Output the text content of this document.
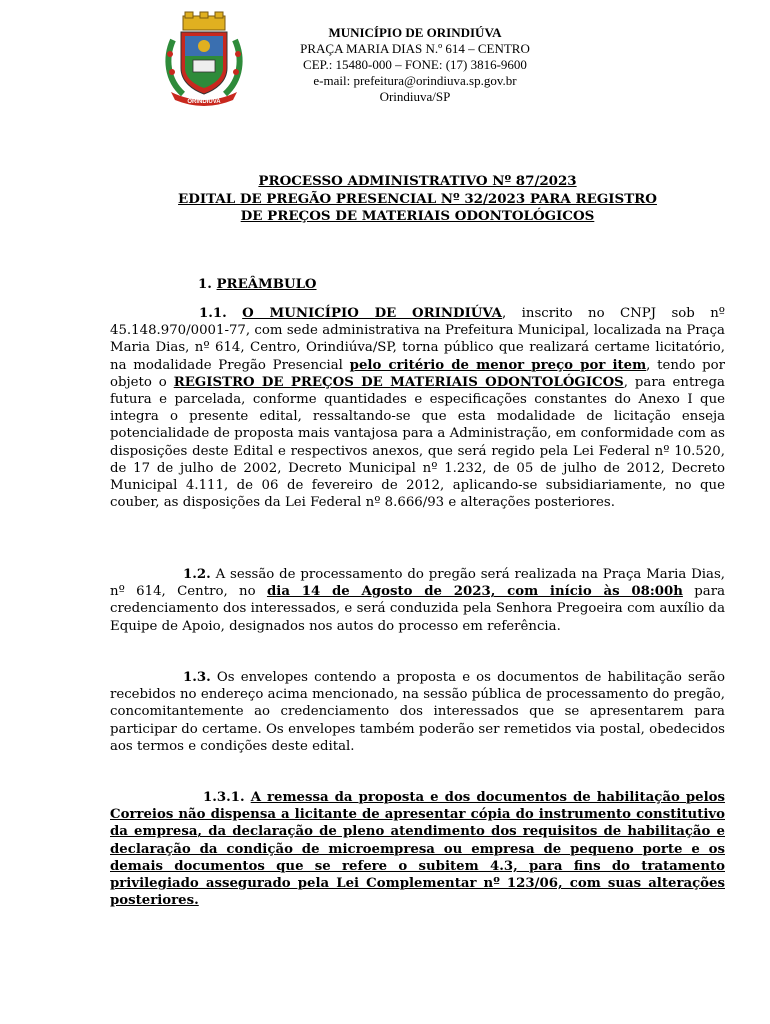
ORINDIÚVA
MUNICÍPIO DE ORINDIÚVA
PRAÇA MARIA DIAS N.º 614 – CENTRO
CEP.: 15480-000 – FONE: (17) 3816-9600
e-mail: prefeitura@orindiuva.sp.gov.br
Orindiuva/SP
PROCESSO ADMINISTRATIVO Nº 87/2023
EDITAL DE PREGÃO PRESENCIAL Nº 32/2023 PARA REGISTRO
DE PREÇOS DE MATERIAIS ODONTOLÓGICOS
1. PREÂMBULO
1.1. O MUNICÍPIO DE ORINDIÚVA, inscrito no CNPJ sob nº 45.148.970/0001-77, com sede administrativa na Prefeitura Municipal, localizada na Praça Maria Dias, nº 614, Centro, Orindiúva/SP, torna público que realizará certame licitatório, na modalidade Pregão Presencial pelo critério de menor preço por item, tendo por objeto o REGISTRO DE PREÇOS DE MATERIAIS ODONTOLÓGICOS, para entrega futura e parcelada, conforme quantidades e especificações constantes do Anexo I que integra o presente edital, ressaltando-se que esta modalidade de licitação enseja potencialidade de proposta mais vantajosa para a Administração, em conformidade com as disposições deste Edital e respectivos anexos, que será regido pela Lei Federal nº 10.520, de 17 de julho de 2002, Decreto Municipal nº 1.232, de 05 de julho de 2012, Decreto Municipal 4.111, de 06 de fevereiro de 2012, aplicando-se subsidiariamente, no que couber, as disposições da Lei Federal nº 8.666/93 e alterações posteriores.
1.2. A sessão de processamento do pregão será realizada na Praça Maria Dias, nº 614, Centro, no dia 14 de Agosto de 2023, com início às 08:00h para credenciamento dos interessados, e será conduzida pela Senhora Pregoeira com auxílio da Equipe de Apoio, designados nos autos do processo em referência.
1.3. Os envelopes contendo a proposta e os documentos de habilitação serão recebidos no endereço acima mencionado, na sessão pública de processamento do pregão, concomitantemente ao credenciamento dos interessados que se apresentarem para participar do certame. Os envelopes também poderão ser remetidos via postal, obedecidos aos termos e condições deste edital.
1.3.1. A remessa da proposta e dos documentos de habilitação pelos Correios não dispensa a licitante de apresentar cópia do instrumento constitutivo da empresa, da declaração de pleno atendimento dos requisitos de habilitação e declaração da condição de microempresa ou empresa de pequeno porte e os demais documentos que se refere o subitem 4.3, para fins do tratamento privilegiado assegurado pela Lei Complementar nº 123/06, com suas alterações posteriores.
